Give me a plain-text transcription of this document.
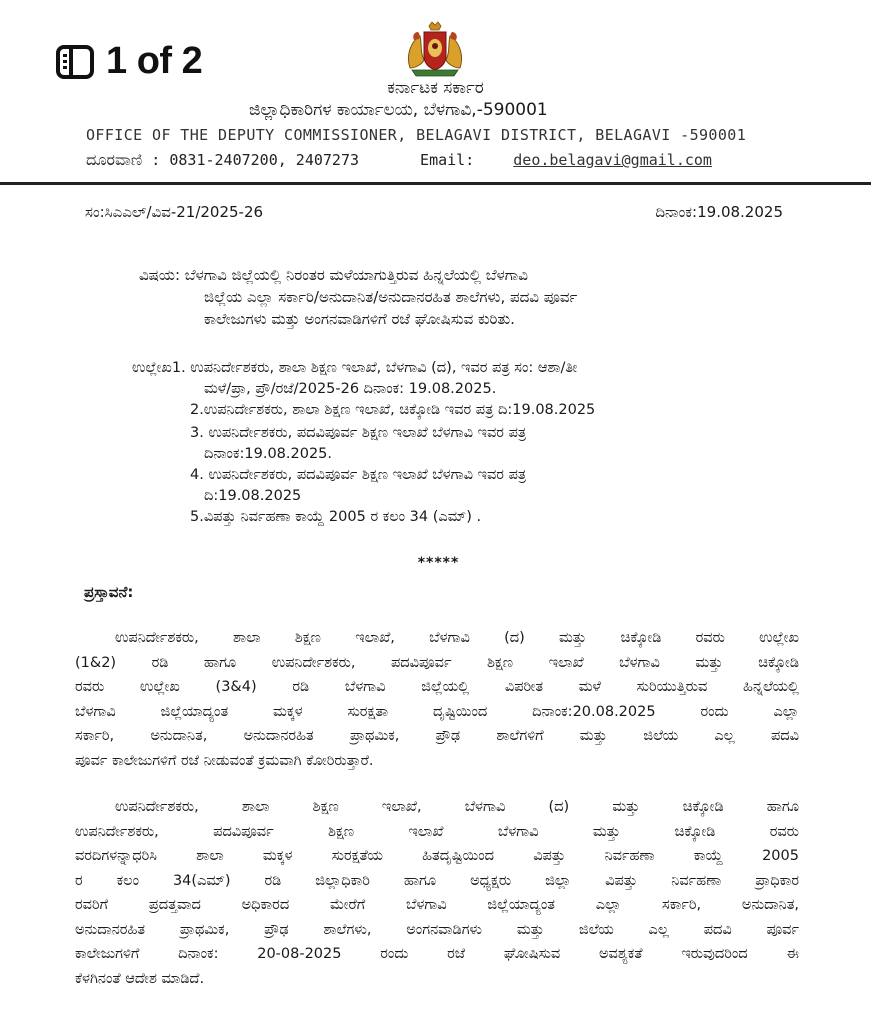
1 of 2
ಕರ್ನಾಟಕ ಸರ್ಕಾರ
ಜಿಲ್ಲಾಧಿಕಾರಿಗಳ ಕಾರ್ಯಾಲಯ, ಬೆಳಗಾವಿ,-590001
OFFICE OF THE DEPUTY COMMISSIONER, BELAGAVI DISTRICT, BELAGAVI -590001
ದೂರವಾಣಿ : 0831-2407200, 2407273	Email:	deo.belagavi@gmail.com
ಸಂ:ಸಿಎಎಲ್/ವಿವ-21/2025-26	ದಿನಾಂಕ:19.08.2025
ವಿಷಯ: ಬೆಳಗಾವಿ ಜಿಲ್ಲೆಯಲ್ಲಿ ನಿರಂತರ ಮಳೆಯಾಗುತ್ತಿರುವ ಹಿನ್ನಲೆಯಲ್ಲಿ ಬೆಳಗಾವಿ
ಜಿಲ್ಲೆಯ ಎಲ್ಲಾ ಸರ್ಕಾರಿ/ಅನುದಾನಿತ/ಅನುದಾನರಹಿತ ಶಾಲೆಗಳು, ಪದವಿ ಪೂರ್ವ
ಕಾಲೇಜುಗಳು ಮತ್ತು ಅಂಗನವಾಡಿಗಳಿಗೆ ರಜೆ ಘೋಷಿಸುವ ಕುರಿತು.
ಉಲ್ಲೇಖ1. ಉಪನಿರ್ದೇಶಕರು, ಶಾಲಾ ಶಿಕ್ಷಣ ಇಲಾಖೆ, ಬೆಳಗಾವಿ (ದ), ಇವರ ಪತ್ರ ಸಂ: ಆಶಾ/ತೀ
ಮಳೆ/ಪ್ರಾ, ಪ್ರೌ/ರಜೆ/2025-26 ದಿನಾಂಕ: 19.08.2025.
2.ಉಪನಿರ್ದೇಶಕರು, ಶಾಲಾ ಶಿಕ್ಷಣ ಇಲಾಖೆ, ಚಿಕ್ಕೋಡಿ ಇವರ ಪತ್ರ ದಿ:19.08.2025
3. ಉಪನಿರ್ದೇಶಕರು, ಪದವಿಪೂರ್ವ ಶಿಕ್ಷಣ ಇಲಾಖೆ ಬೆಳಗಾವಿ ಇವರ ಪತ್ರ
ದಿನಾಂಕ:19.08.2025.
4. ಉಪನಿರ್ದೇಶಕರು, ಪದವಿಪೂರ್ವ ಶಿಕ್ಷಣ ಇಲಾಖೆ ಬೆಳಗಾವಿ ಇವರ ಪತ್ರ
ದಿ:19.08.2025
5.ವಿಪತ್ತು ನಿರ್ವಹಣಾ ಕಾಯ್ದೆ 2005 ರ ಕಲಂ 34 (ಎಮ್) .
*****
ಪ್ರಸ್ತಾವನೆ:
ಉಪನಿರ್ದೇಶಕರು, ಶಾಲಾ ಶಿಕ್ಷಣ ಇಲಾಖೆ, ಬೆಳಗಾವಿ (ದ) ಮತ್ತು ಚಿಕ್ಕೋಡಿ ರವರು ಉಲ್ಲೇಖ
(1&2) ರಡಿ ಹಾಗೂ ಉಪನಿರ್ದೇಶಕರು, ಪದವಿಪೂರ್ವ ಶಿಕ್ಷಣ ಇಲಾಖೆ ಬೆಳಗಾವಿ ಮತ್ತು ಚಿಕ್ಕೋಡಿ
ರವರು ಉಲ್ಲೇಖ (3&4) ರಡಿ ಬೆಳಗಾವಿ ಜಿಲ್ಲೆಯಲ್ಲಿ ವಿಪರೀತ ಮಳೆ ಸುರಿಯುತ್ತಿರುವ ಹಿನ್ನಲೆಯಲ್ಲಿ
ಬೆಳಗಾವಿ ಜಿಲ್ಲೆಯಾದ್ಯಂತ ಮಕ್ಕಳ ಸುರಕ್ಷತಾ ದೃಷ್ಟಿಯಿಂದ ದಿನಾಂಕ:20.08.2025 ರಂದು ಎಲ್ಲಾ
ಸರ್ಕಾರಿ, ಅನುದಾನಿತ, ಅನುದಾನರಹಿತ ಪ್ರಾಥಮಿಕ, ಪ್ರೌಢ ಶಾಲೆಗಳಿಗೆ ಮತ್ತು ಜಿಲೆಯ ಎಲ್ಲ ಪದವಿ
ಪೂರ್ವ ಕಾಲೇಜುಗಳಿಗೆ ರಜೆ ನೀಡುವಂತೆ ಕ್ರಮವಾಗಿ ಕೋರಿರುತ್ತಾರೆ.
ಉಪನಿರ್ದೇಶಕರು, ಶಾಲಾ ಶಿಕ್ಷಣ ಇಲಾಖೆ, ಬೆಳಗಾವಿ (ದ) ಮತ್ತು ಚಿಕ್ಕೋಡಿ ಹಾಗೂ
ಉಪನಿರ್ದೇಶಕರು, ಪದವಿಪೂರ್ವ ಶಿಕ್ಷಣ ಇಲಾಖೆ ಬೆಳಗಾವಿ ಮತ್ತು ಚಿಕ್ಕೋಡಿ ರವರು
ವರದಿಗಳನ್ನಾಧರಿಸಿ ಶಾಲಾ ಮಕ್ಕಳ ಸುರಕ್ಷತೆಯ ಹಿತದೃಷ್ಟಿಯಿಂದ ವಿಪತ್ತು ನಿರ್ವಹಣಾ ಕಾಯ್ದೆ 2005
ರ ಕಲಂ 34(ಎಮ್) ರಡಿ ಜಿಲ್ಲಾಧಿಕಾರಿ ಹಾಗೂ ಅಧ್ಯಕ್ಷರು ಜಿಲ್ಲಾ ವಿಪತ್ತು ನಿರ್ವಹಣಾ ಪ್ರಾಧಿಕಾರ
ರವರಿಗೆ ಪ್ರದತ್ತವಾದ ಅಧಿಕಾರದ ಮೇರೆಗೆ ಬೆಳಗಾವಿ ಜಿಲ್ಲೆಯಾದ್ಯಂತ ಎಲ್ಲಾ ಸರ್ಕಾರಿ, ಅನುದಾನಿತ,
ಅನುದಾನರಹಿತ ಪ್ರಾಥಮಿಕ, ಪ್ರೌಢ ಶಾಲೆಗಳು, ಅಂಗನವಾಡಿಗಳು ಮತ್ತು ಜಿಲೆಯ ಎಲ್ಲ ಪದವಿ ಪೂರ್ವ
ಕಾಲೇಜುಗಳಿಗೆ ದಿನಾಂಕ: 20-08-2025 ರಂದು ರಜೆ ಘೋಷಿಸುವ ಅವಶ್ಯಕತೆ ಇರುವುದರಿಂದ ಈ
ಕೆಳಗಿನಂತೆ ಆದೇಶ ಮಾಡಿದೆ.
